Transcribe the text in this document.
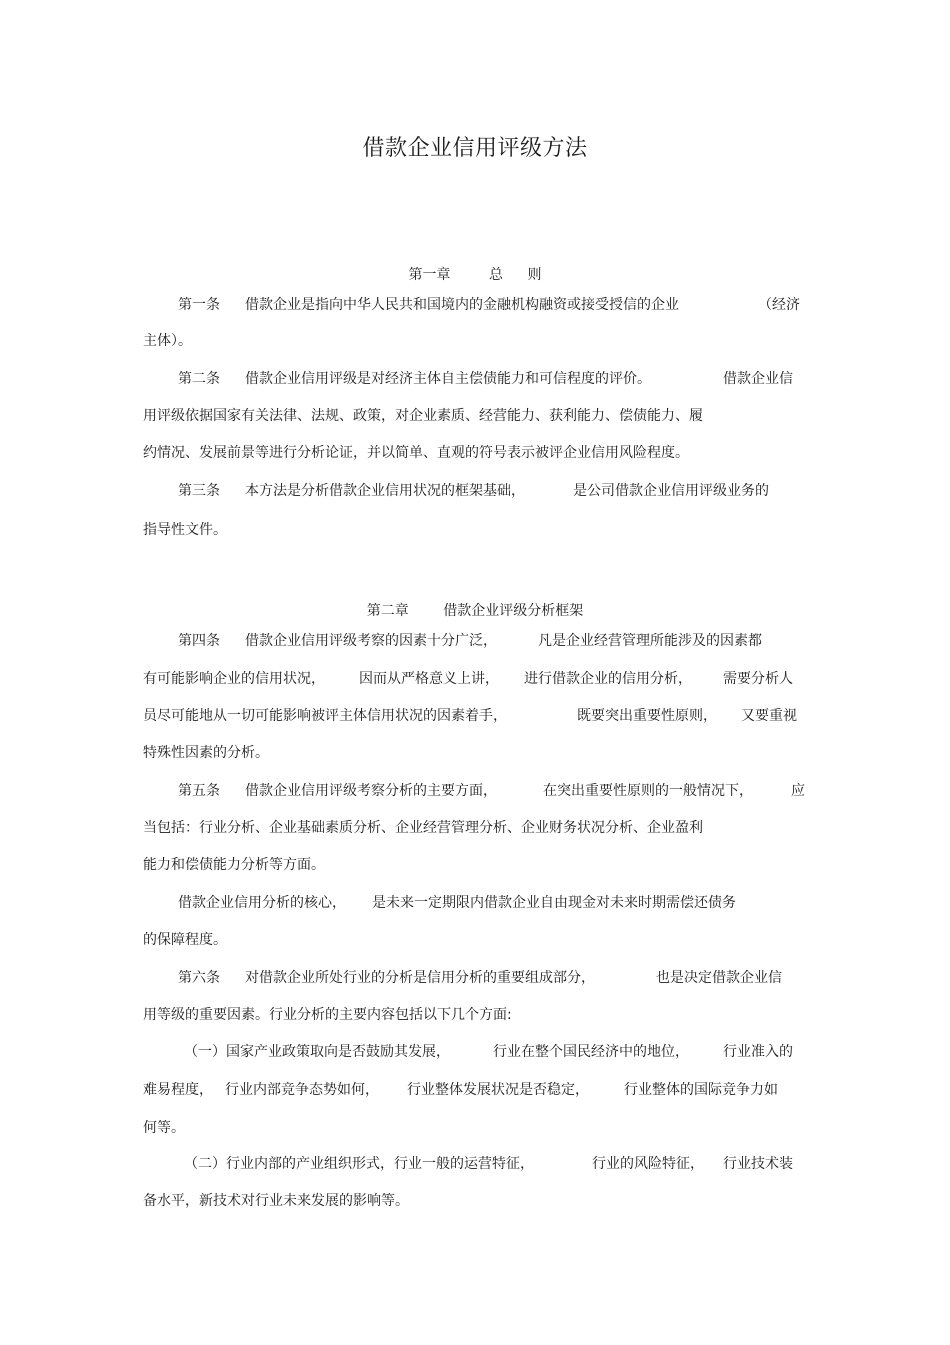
借款企业信用评级方法
第一章	总 则
第一条 借款企业是指向中华人民共和国境内的金融机构融资或接受授信的企业	（经济
主体）。
第二条 借款企业信用评级是对经济主体自主偿债能力和可信程度的评价。	借款企业信
用评级依据国家有关法律、法规、政策，对企业素质、经营能力、获利能力、偿债能力、履
约情况、发展前景等进行分析论证，并以简单、直观的符号表示被评企业信用风险程度。
第三条 本方法是分析借款企业信用状况的框架基础，	是公司借款企业信用评级业务的
指导性文件。
第二章 借款企业评级分析框架
第四条 借款企业信用评级考察的因素十分广泛，	凡是企业经营管理所能涉及的因素都
有可能影响企业的信用状况， 因而从严格意义上讲， 进行借款企业的信用分析， 需要分析人
员尽可能地从一切可能影响被评主体信用状况的因素着手，	既要突出重要性原则， 又要重视
特殊性因素的分析。
第五条 借款企业信用评级考察分析的主要方面，	在突出重要性原则的一般情况下，	应
当包括：行业分析、企业基础素质分析、企业经营管理分析、企业财务状况分析、企业盈利
能力和偿债能力分析等方面。
借款企业信用分析的核心， 是未来一定期限内借款企业自由现金对未来时期需偿还债务
的保障程度。
第六条 对借款企业所处行业的分析是信用分析的重要组成部分，	也是决定借款企业信
用等级的重要因素。行业分析的主要内容包括以下几个方面:
（一）国家产业政策取向是否鼓励其发展，	行业在整个国民经济中的地位， 行业准入的
难易程度， 行业内部竞争态势如何， 行业整体发展状况是否稳定，	行业整体的国际竞争力如
何等。
（二）行业内部的产业组织形式，行业一般的运营特征，	行业的风险特征， 行业技术装
备水平，新技术对行业未来发展的影响等。
